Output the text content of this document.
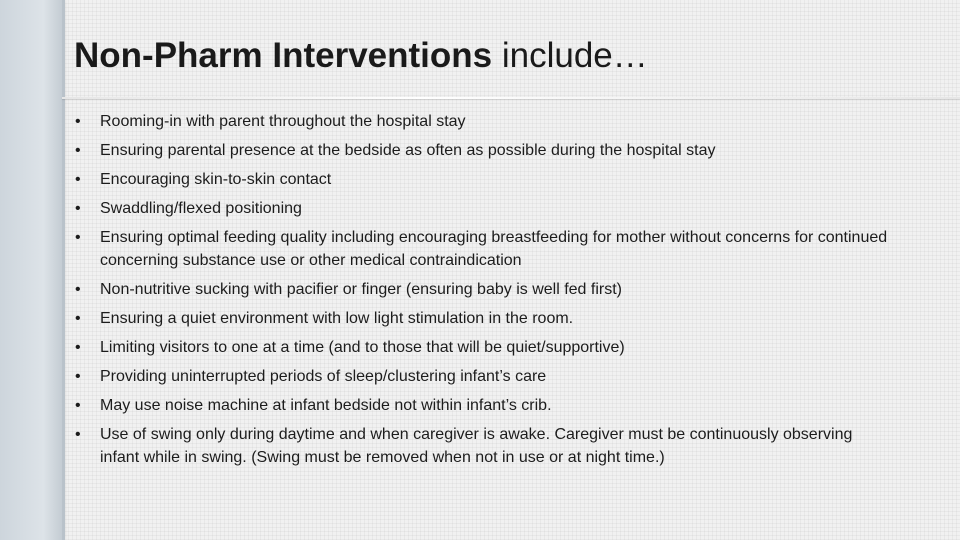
Non-Pharm Interventions include…
•	Rooming-in with parent throughout the hospital stay
•	Ensuring parental presence at the bedside as often as possible during the hospital stay
•	Encouraging skin-to-skin contact
•	Swaddling/flexed positioning
•	Ensuring optimal feeding quality including encouraging breastfeeding for mother without concerns for continued concerning substance use or other medical contraindication
•	Non-nutritive sucking with pacifier or finger (ensuring baby is well fed first)
•	Ensuring a quiet environment with low light stimulation in the room.
•	Limiting visitors to one at a time (and to those that will be quiet/supportive)
•	Providing uninterrupted periods of sleep/clustering infant’s care
•	May use noise machine at infant bedside not within infant’s crib.
•	Use of swing only during daytime and when caregiver is awake. Caregiver must be continuously observing infant while in swing. (Swing must be removed when not in use or at night time.)
